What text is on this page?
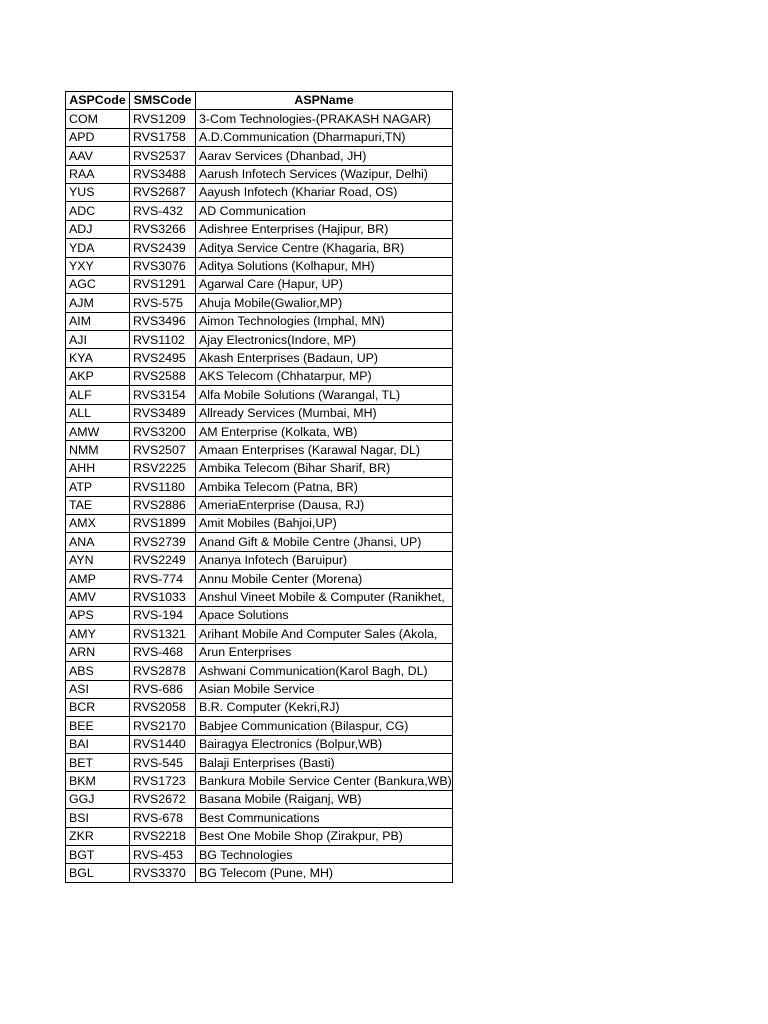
ASPCode	SMSCode	ASPName
COM	RVS1209	3-Com Technologies-(PRAKASH NAGAR)
APD	RVS1758	A.D.Communication (Dharmapuri,TN)
AAV	RVS2537	Aarav Services (Dhanbad, JH)
RAA	RVS3488	Aarush Infotech Services (Wazipur, Delhi)
YUS	RVS2687	Aayush Infotech (Khariar Road, OS)
ADC	RVS-432	AD Communication
ADJ	RVS3266	Adishree Enterprises (Hajipur, BR)
YDA	RVS2439	Aditya Service Centre (Khagaria, BR)
YXY	RVS3076	Aditya Solutions (Kolhapur, MH)
AGC	RVS1291	Agarwal Care (Hapur, UP)
AJM	RVS-575	Ahuja Mobile(Gwalior,MP)
AIM	RVS3496	Aimon Technologies (Imphal, MN)
AJI	RVS1102	Ajay Electronics(Indore, MP)
KYA	RVS2495	Akash Enterprises (Badaun, UP)
AKP	RVS2588	AKS Telecom (Chhatarpur, MP)
ALF	RVS3154	Alfa Mobile Solutions (Warangal, TL)
ALL	RVS3489	Allready Services (Mumbai, MH)
AMW	RVS3200	AM Enterprise (Kolkata, WB)
NMM	RVS2507	Amaan Enterprises (Karawal Nagar, DL)
AHH	RSV2225	Ambika Telecom (Bihar Sharif, BR)
ATP	RVS1180	Ambika Telecom (Patna, BR)
TAE	RVS2886	AmeriaEnterprise (Dausa, RJ)
AMX	RVS1899	Amit Mobiles (Bahjoi,UP)
ANA	RVS2739	Anand Gift & Mobile Centre (Jhansi, UP)
AYN	RVS2249	Ananya Infotech (Baruipur)
AMP	RVS-774	Annu Mobile Center (Morena)
AMV	RVS1033	Anshul Vineet Mobile & Computer (Ranikhet,
APS	RVS-194	Apace Solutions
AMY	RVS1321	Arihant Mobile And Computer Sales (Akola,
ARN	RVS-468	Arun Enterprises
ABS	RVS2878	Ashwani Communication(Karol Bagh, DL)
ASI	RVS-686	Asian Mobile Service
BCR	RVS2058	B.R. Computer (Kekri,RJ)
BEE	RVS2170	Babjee Communication (Bilaspur, CG)
BAI	RVS1440	Bairagya Electronics (Bolpur,WB)
BET	RVS-545	Balaji Enterprises (Basti)
BKM	RVS1723	Bankura Mobile Service Center (Bankura,WB)
GGJ	RVS2672	Basana Mobile (Raiganj, WB)
BSI	RVS-678	Best Communications
ZKR	RVS2218	Best One Mobile Shop (Zirakpur, PB)
BGT	RVS-453	BG Technologies
BGL	RVS3370	BG Telecom (Pune, MH)
